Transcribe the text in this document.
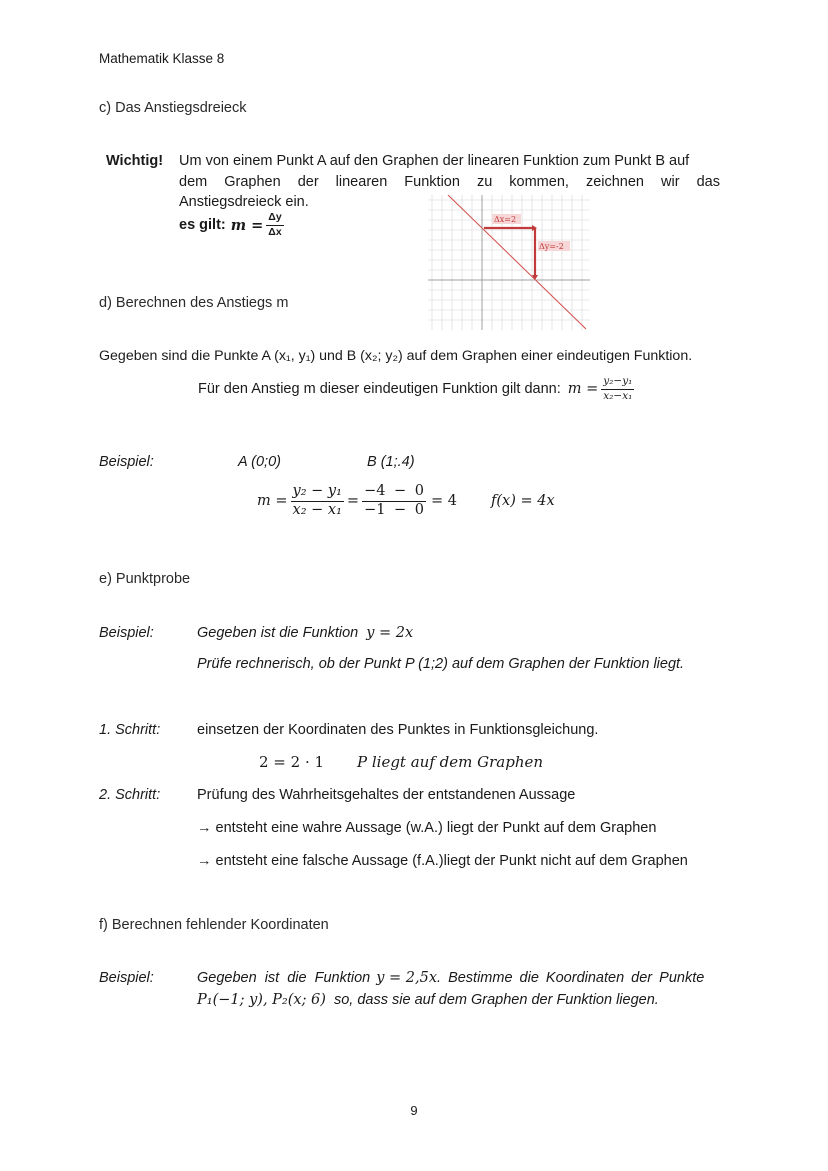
Mathematik Klasse 8
c) Das Anstiegsdreieck
Wichtig! Um von einem Punkt A auf den Graphen der linearen Funktion zum Punkt B auf
dem Graphen der linearen Funktion zu kommen, zeichnen wir das
Anstiegsdreieck ein.
es gilt: $m = \frac{\Delta y}{\Delta x}$	Δx=2
Δy=-2
d) Berechnen des Anstiegs m
Gegeben sind die Punkte A (x₁, y₁) und B (x₂; y₂) auf dem Graphen einer eindeutigen Funktion.
Für den Anstieg m dieser eindeutigen Funktion gilt dann: $m = \frac{\text{y₂−y₁}}{\text{x₂−x₁}}$
Beispiel:	A (0;0)	B (1;.4)
$m = \frac{\text{y₂ − y₁}}{\text{x₂ − x₁}} = \frac{-4 - 0}{-1 - 0} = 4$ f(x) = 4x
e) Punktprobe
Beispiel:	Gegeben ist die Funktion y = 2x
Prüfe rechnerisch, ob der Punkt P (1;2) auf dem Graphen der Funktion liegt.
1. Schritt:	einsetzen der Koordinaten des Punktes in Funktionsgleichung.
2 = 2 · 1 P liegt auf dem Graphen
2. Schritt:	Prüfung des Wahrheitsgehaltes der entstandenen Aussage
→ entsteht eine wahre Aussage (w.A.) liegt der Punkt auf dem Graphen
→ entsteht eine falsche Aussage (f.A.)liegt der Punkt nicht auf dem Graphen
f) Berechnen fehlender Koordinaten
Beispiel:	Gegeben ist die Funktion y = 2,5x . Bestimme die Koordinaten der Punkte
P₁(−1; y), P₂(x; 6) so, dass sie auf dem Graphen der Funktion liegen.
9
